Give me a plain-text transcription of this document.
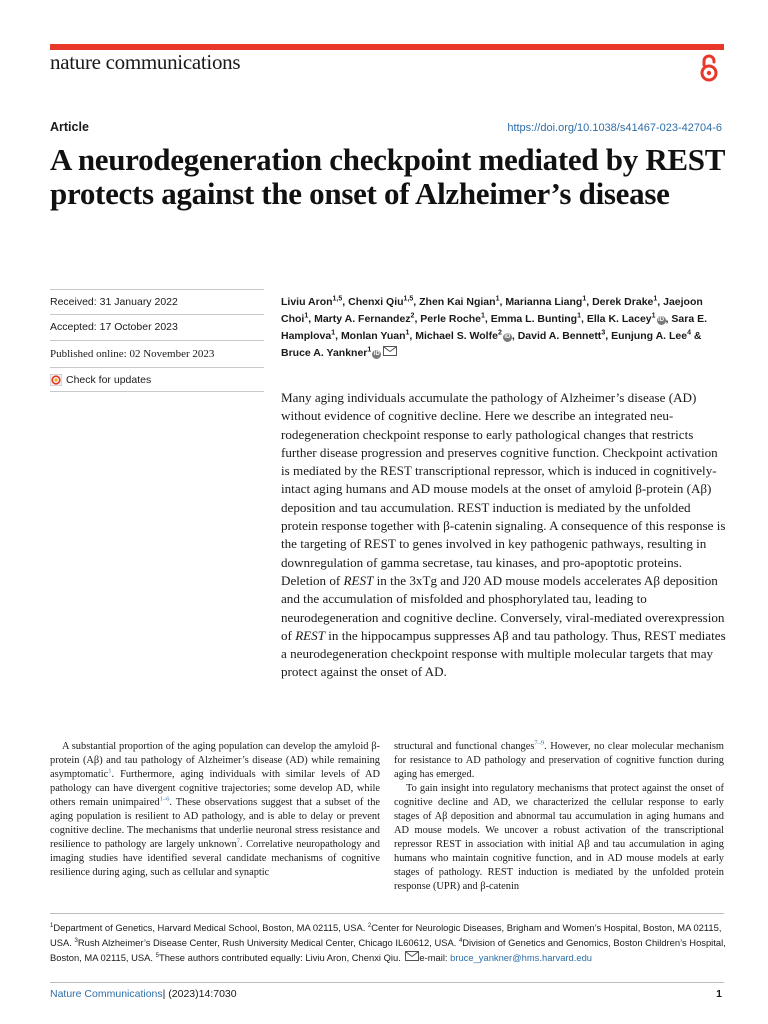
nature communications
Article	https://doi.org/10.1038/s41467-023-42704-6
A neurodegeneration checkpoint mediated by REST protects against the onset of Alzheimer’s disease
Received: 31 January 2022
Accepted: 17 October 2023
Published online: 02 November 2023
Check for updates

Liviu Aron$^{1,5}$, Chenxi Qiu$^{1,5}$, Zhen Kai Ngian$^1$, Marianna Liang$^1$, Derek Drake$^1$, Jaejoon Choi$^1$, Marty A. Fernandez$^2$, Perle Roche$^1$, Emma L. Bunting$^1$, Ella K. Lacey$^1$iD , Sara E. Hamplova$^1$, Monlan Yuan$^1$, Michael S. Wolfe$^2$iD , David A. Bennett$^3$, Eunjung A. Lee$^4$ & Bruce A. Yankner$^1$iD

Many aging individuals accumulate the pathology of Alzheimer’s disease (AD) without evidence of cognitive decline. Here we describe an integrated neurodegeneration checkpoint response to early pathological changes that restricts further disease progression and preserves cognitive function. Checkpoint activation is mediated by the REST transcriptional repressor, which is induced in cognitively-intact aging humans and AD mouse models at the onset of amyloid β-protein (Aβ) deposition and tau accumulation. REST induction is mediated by the unfolded protein response together with β-catenin signaling. A consequence of this response is the targeting of REST to genes involved in key pathogenic pathways, resulting in downregulation of gamma secretase, tau kinases, and pro-apoptotic proteins. Deletion of REST in the 3xTg and J20 AD mouse models accelerates Aβ deposition and the accumulation of misfolded and phosphorylated tau, leading to neurodegeneration and cognitive decline. Conversely, viral-mediated overexpression of REST in the hippocampus suppresses Aβ and tau pathology. Thus, REST mediates a neurodegeneration checkpoint response with multiple molecular targets that may protect against the onset of AD.

A substantial proportion of the aging population can develop the amyloid β-protein (Aβ) and tau pathology of Alzheimer’s disease (AD) while remaining asymptomatic$^1$. Furthermore, aging individuals with similar levels of AD pathology can have divergent cognitive trajectories; some develop AD, while others remain unimpaired$^{1-6}$. These observations suggest that a subset of the aging population is resilient to AD pathology, and is able to delay or prevent cognitive decline. The mechanisms that underlie neuronal stress resistance and resilience to pathology are largely unknown$^7$. Correlative neuropathology and imaging studies have identified several candidate mechanisms of cognitive resilience during aging, such as cellular and synaptic

structural and functional changes$^{7-9}$. However, no clear molecular mechanism for resistance to AD pathology and preservation of cognitive function during aging has emerged.

To gain insight into regulatory mechanisms that protect against the onset of cognitive decline and AD, we characterized the cellular response to early stages of Aβ deposition and abnormal tau accumulation in aging humans and AD mouse models. We uncover a robust activation of the transcriptional repressor REST in association with initial Aβ and tau accumulation in aging humans who maintain cognitive function, and in AD mouse models at early stages of pathology. REST induction is mediated by the unfolded protein response (UPR) and β-catenin

$^1$Department of Genetics, Harvard Medical School, Boston, MA 02115, USA. $^2$Center for Neurologic Diseases, Brigham and Women’s Hospital, Boston, MA 02115, USA. $^3$Rush Alzheimer’s Disease Center, Rush University Medical Center, Chicago IL60612, USA. $^4$Division of Genetics and Genomics, Boston Children’s Hospital, Boston, MA 02115, USA. $^5$These authors contributed equally: Liviu Aron, Chenxi Qiu.
e-mail: bruce_yankner@hms.harvard.edu

Nature Communications| (2023)14:7030	1
